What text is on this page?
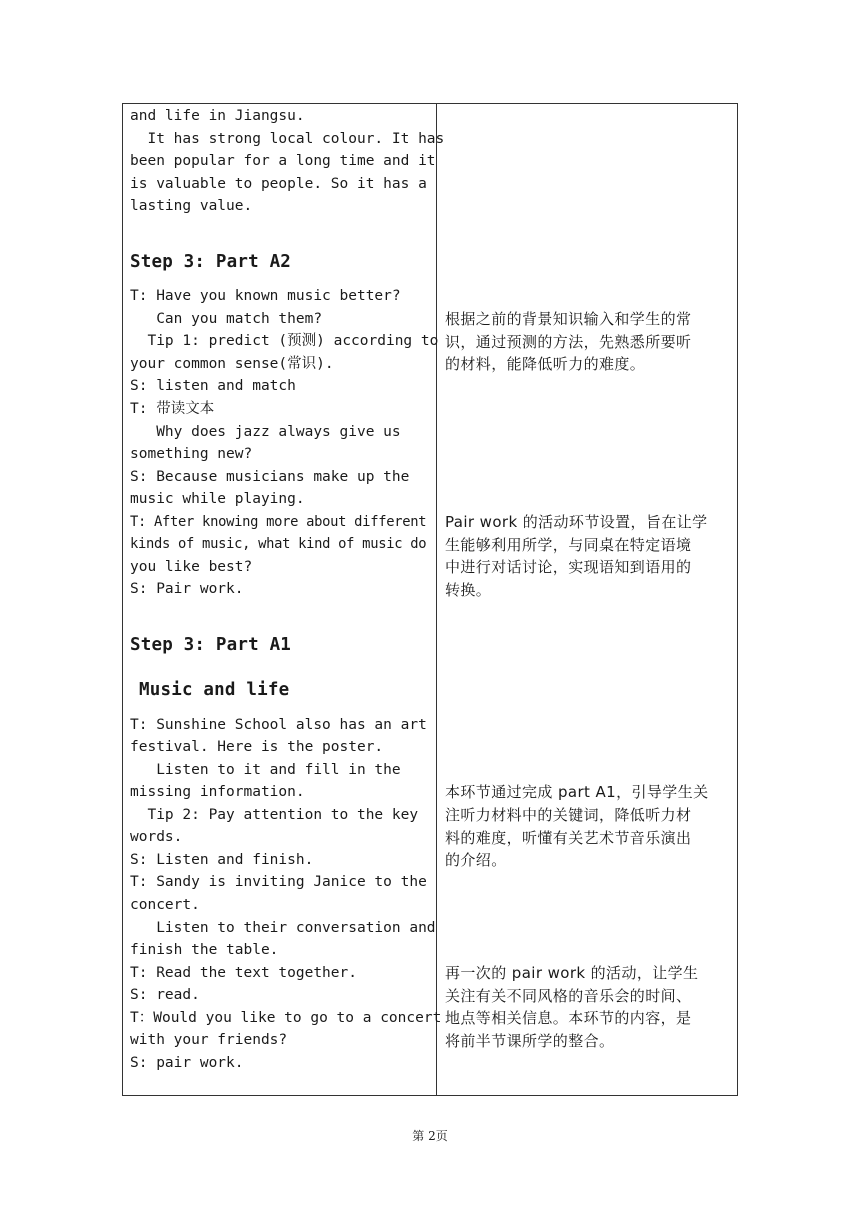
and life in Jiangsu.
It has strong local colour. It has
been popular for a long time and it
is valuable to people. So it has a
lasting value.
Step 3: Part A2
T: Have you known music better?
Can you match them?
Tip 1: predict (预测) according to
your common sense(常识).
S: listen and match
T: 带读文本
Why does jazz always give us
something new?
S: Because musicians make up the
music while playing.
T: After knowing more about different
kinds of music, what kind of music do
you like best?
S: Pair work.
Step 3: Part A1
Music and life
T: Sunshine School also has an art
festival. Here is the poster.
Listen to it and fill in the
missing information.
Tip 2: Pay attention to the key
words.
S: Listen and finish.
T: Sandy is inviting Janice to the
concert.
Listen to their conversation and
finish the table.
T: Read the text together.
S: read.
T：Would you like to go to a concert
with your friends?
S: pair work.
根据之前的背景知识输入和学生的常
识，通过预测的方法，先熟悉所要听
的材料，能降低听力的难度。
Pair work 的活动环节设置，旨在让学
生能够利用所学，与同桌在特定语境
中进行对话讨论，实现语知到语用的
转换。
本环节通过完成 part A1，引导学生关
注听力材料中的关键词，降低听力材
料的难度，听懂有关艺术节音乐演出
的介绍。
再一次的 pair work 的活动，让学生
关注有关不同风格的音乐会的时间、
地点等相关信息。本环节的内容，是
将前半节课所学的整合。
第 2页
